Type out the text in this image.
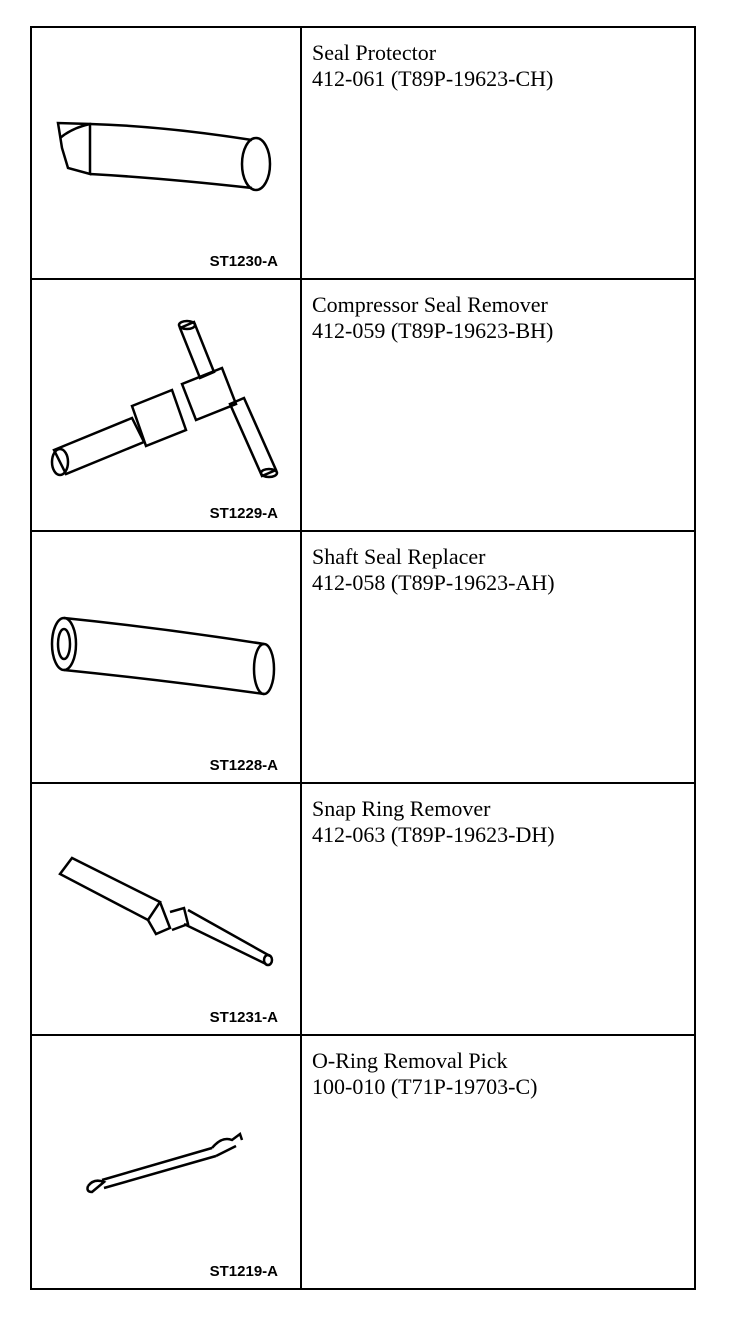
ST1230-A
Seal Protector
412-061 (T89P-19623-CH)
ST1229-A
Compressor Seal Remover
412-059 (T89P-19623-BH)
ST1228-A
Shaft Seal Replacer
412-058 (T89P-19623-AH)
ST1231-A
Snap Ring Remover
412-063 (T89P-19623-DH)
ST1219-A
O-Ring Removal Pick
100-010 (T71P-19703-C)
